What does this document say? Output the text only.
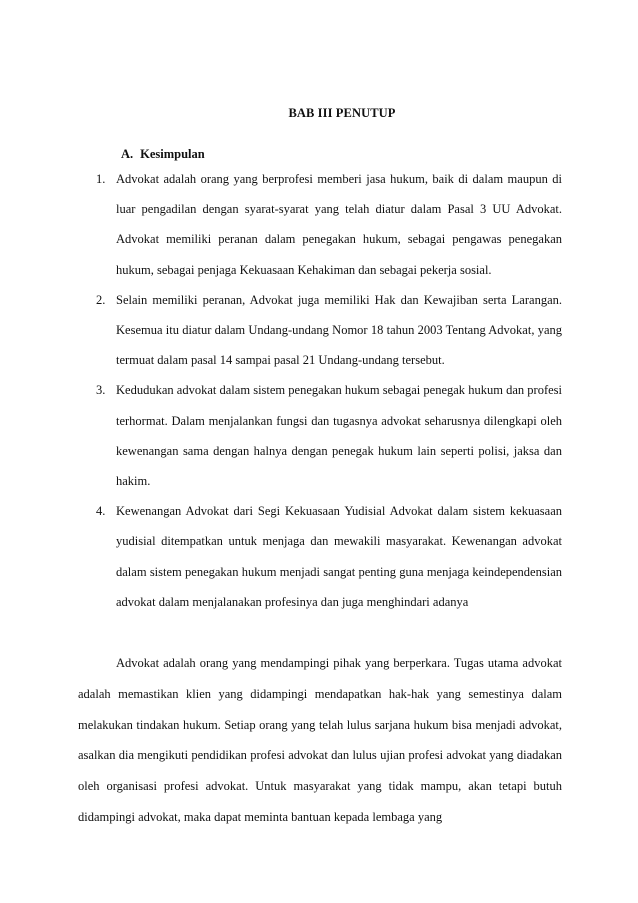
BAB III PENUTUP
A. Kesimpulan
1. Advokat adalah orang yang berprofesi memberi jasa hukum, baik di dalam maupun di luar pengadilan dengan syarat-syarat yang telah diatur dalam Pasal 3 UU Advokat. Advokat memiliki peranan dalam penegakan hukum, sebagai pengawas penegakan hukum, sebagai penjaga Kekuasaan Kehakiman dan sebagai pekerja sosial.
2. Selain memiliki peranan, Advokat juga memiliki Hak dan Kewajiban serta Larangan. Kesemua itu diatur dalam Undang-undang Nomor 18 tahun 2003 Tentang Advokat, yang termuat dalam pasal 14 sampai pasal 21 Undang-undang tersebut.
3. Kedudukan advokat dalam sistem penegakan hukum sebagai penegak hukum dan profesi terhormat. Dalam menjalankan fungsi dan tugasnya advokat seharusnya dilengkapi oleh kewenangan sama dengan halnya dengan penegak hukum lain seperti polisi, jaksa dan hakim.
4. Kewenangan Advokat dari Segi Kekuasaan Yudisial Advokat dalam sistem kekuasaan yudisial ditempatkan untuk menjaga dan mewakili masyarakat. Kewenangan advokat dalam sistem penegakan hukum menjadi sangat penting guna menjaga keindependensian advokat dalam menjalanakan profesinya dan juga menghindari adanya

Advokat adalah orang yang mendampingi pihak yang berperkara. Tugas utama advokat adalah memastikan klien yang didampingi mendapatkan hak-hak yang semestinya dalam melakukan tindakan hukum. Setiap orang yang telah lulus sarjana hukum bisa menjadi advokat, asalkan dia mengikuti pendidikan profesi advokat dan lulus ujian profesi advokat yang diadakan oleh organisasi profesi advokat. Untuk masyarakat yang tidak mampu, akan tetapi butuh didampingi advokat, maka dapat meminta bantuan kepada lembaga yang
